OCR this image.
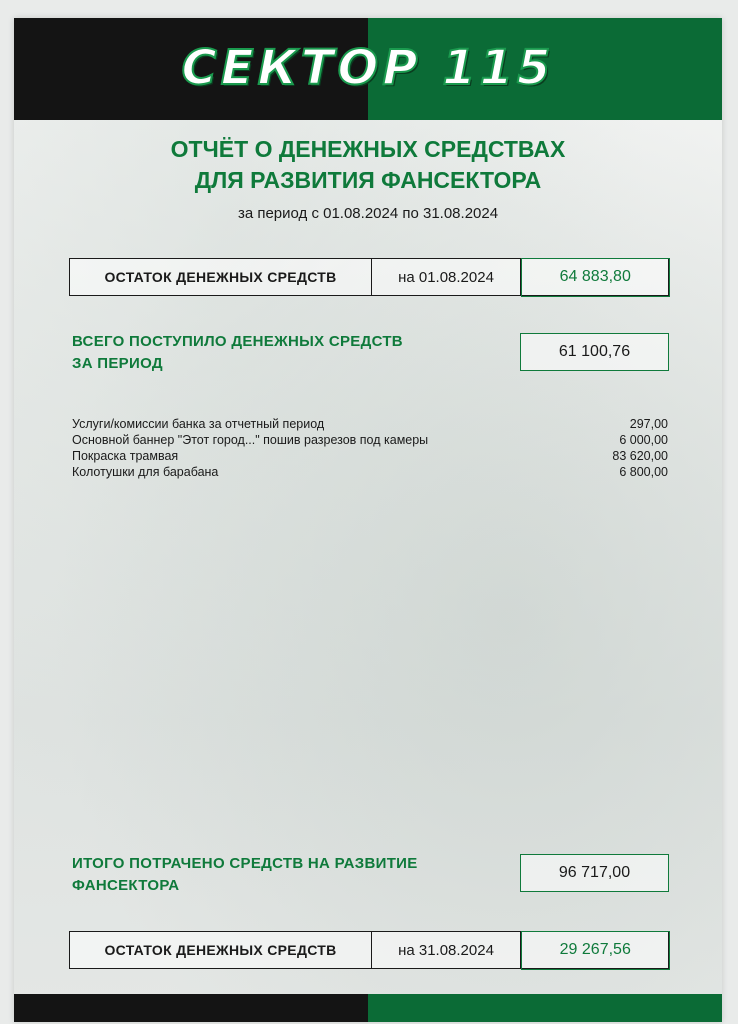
СЕКТОР 115
ОТЧЁТ О ДЕНЕЖНЫХ СРЕДСТВАХ
ДЛЯ РАЗВИТИЯ ФАНСЕКТОРА
за период с 01.08.2024 по 31.08.2024
ОСТАТОК ДЕНЕЖНЫХ СРЕДСТВ	на 01.08.2024	64 883,80
ВСЕГО ПОСТУПИЛО ДЕНЕЖНЫХ СРЕДСТВ
ЗА ПЕРИОД
61 100,76
Услуги/комиссии банка за отчетный период	297,00
Основной баннер "Этот город..." пошив разрезов под камеры	6 000,00
Покраска трамвая	83 620,00
Колотушки для барабана	6 800,00
ИТОГО ПОТРАЧЕНО СРЕДСТВ НА РАЗВИТИЕ
ФАНСЕКТОРА
96 717,00
ОСТАТОК ДЕНЕЖНЫХ СРЕДСТВ	на 31.08.2024	29 267,56
